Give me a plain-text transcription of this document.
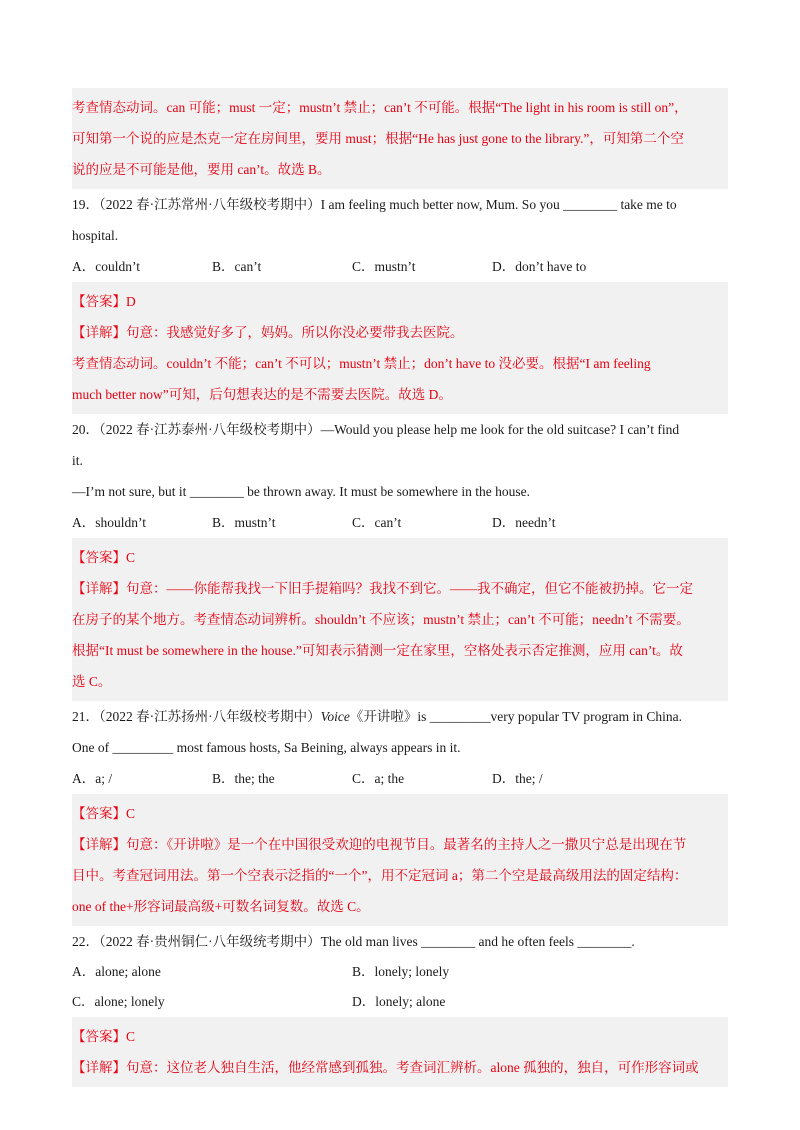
考查情态动词。can 可能；must 一定；mustn’t 禁止；can’t 不可能。根据“The light in his room is still on”，

可知第一个说的应是杰克一定在房间里，要用 must；根据“He has just gone to the library.”，可知第二个空

说的应是不可能是他，要用 can’t。故选 B。

19．（2022 春·江苏常州·八年级校考期中）I am feeling much better now, Mum. So you ________ take me to

hospital.

A．couldn’t	B．can’t	C．mustn’t	D．don’t have to

【答案】D

【详解】句意：我感觉好多了，妈妈。所以你没必要带我去医院。

考查情态动词。couldn’t 不能；can’t 不可以；mustn’t 禁止；don’t have to 没必要。根据“I am feeling

much better now”可知，后句想表达的是不需要去医院。故选 D。

20．（2022 春·江苏泰州·八年级校考期中）—Would you please help me look for the old suitcase? I can’t find

it.

—I’m not sure, but it ________ be thrown away. It must be somewhere in the house.

A．shouldn’t	B．mustn’t	C．can’t	D．needn’t

【答案】C

【详解】句意：——你能帮我找一下旧手提箱吗？我找不到它。——我不确定，但它不能被扔掉。它一定

在房子的某个地方。考查情态动词辨析。shouldn’t 不应该；mustn’t 禁止；can’t 不可能；needn’t 不需要。

根据“It must be somewhere in the house.”可知表示猜测一定在家里，空格处表示否定推测，应用 can’t。故

选 C。

21．（2022 春·江苏扬州·八年级校考期中）Voice《开讲啦》is _________very popular TV program in China.

One of _________ most famous hosts, Sa Beining, always appears in it.

A．a; /	B．the; the	C．a; the	D．the; /

【答案】C

【详解】句意：《开讲啦》是一个在中国很受欢迎的电视节目。最著名的主持人之一撒贝宁总是出现在节

目中。考查冠词用法。第一个空表示泛指的“一个”，用不定冠词 a；第二个空是最高级用法的固定结构：

one of the+形容词最高级+可数名词复数。故选 C。

22．（2022 春·贵州铜仁·八年级统考期中）The old man lives ________ and he often feels ________.

A．alone; alone	B．lonely; lonely
C．alone; lonely	D．lonely; alone

【答案】C

【详解】句意：这位老人独自生活，他经常感到孤独。考查词汇辨析。alone 孤独的，独自，可作形容词或
